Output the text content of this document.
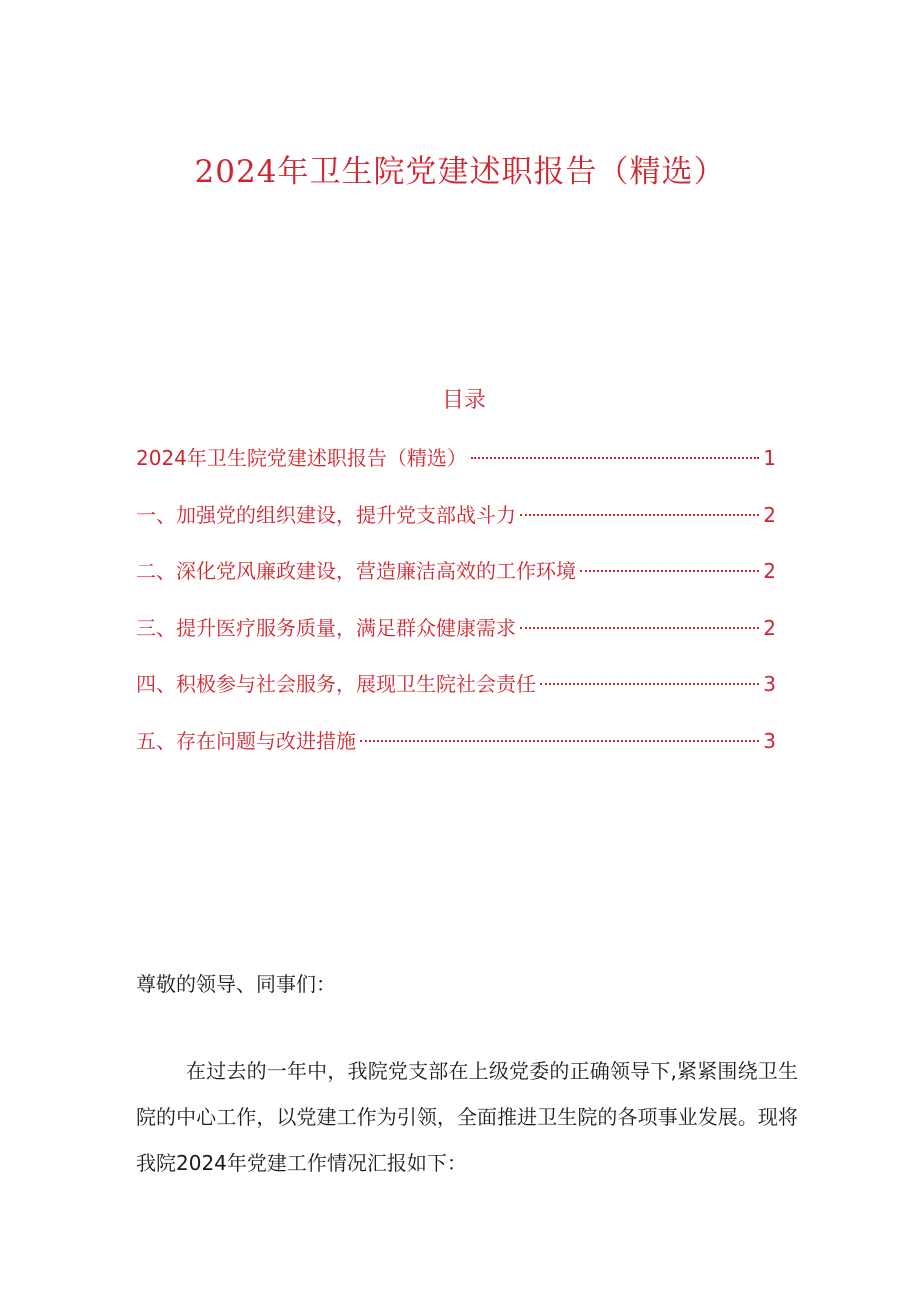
2024年卫生院党建述职报告（精选）
目录
2024年卫生院党建述职报告（精选）	1
一、加强党的组织建设，提升党支部战斗力	2
二、深化党风廉政建设，营造廉洁高效的工作环境	2
三、提升医疗服务质量，满足群众健康需求	2
四、积极参与社会服务，展现卫生院社会责任	3
五、存在问题与改进措施	3
尊敬的领导、同事们：

在过去的一年中，我院党支部在上级党委的正确领导下,紧紧围绕卫生院的中心工作，以党建工作为引领，全面推进卫生院的各项事业发展。现将我院2024年党建工作情况汇报如下：
